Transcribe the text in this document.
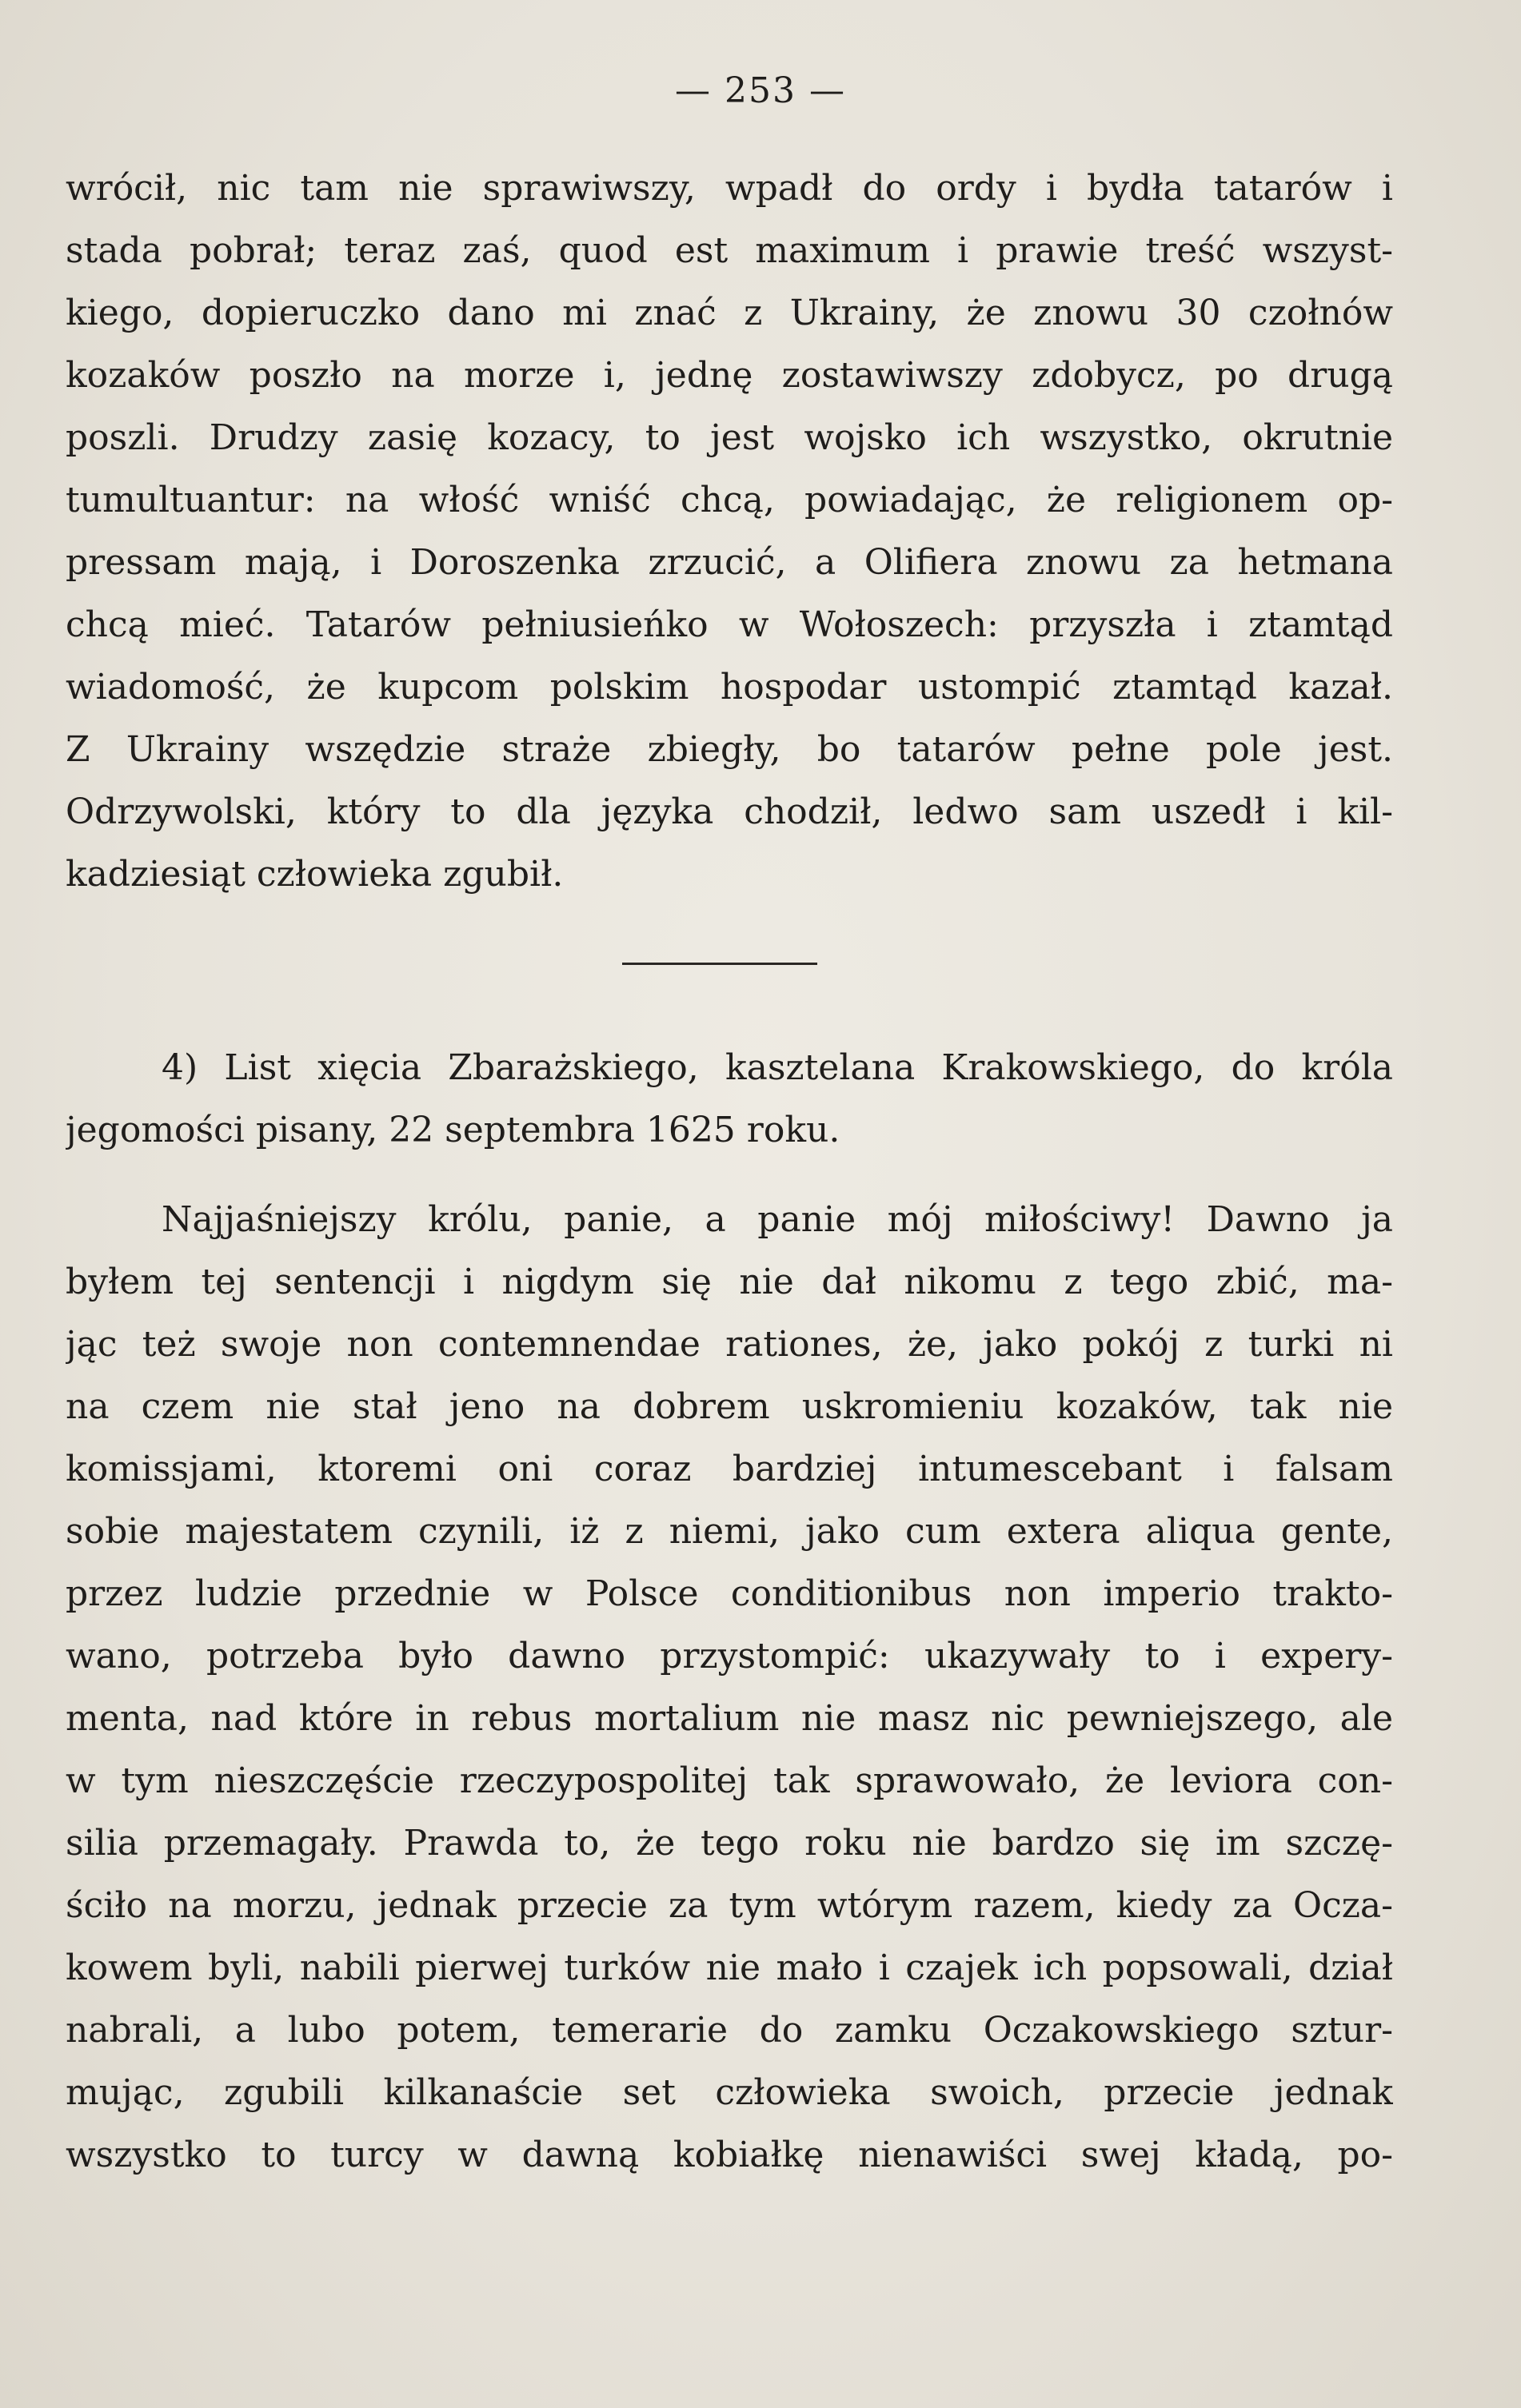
— 253 —
wrócił, nic tam nie sprawiwszy, wpadł do ordy i bydła tatarów i
stada pobrał; teraz zaś, quod est maximum i prawie treść wszyst-
kiego, dopieruczko dano mi znać z Ukrainy, że znowu 30 czołnów
kozaków poszło na morze i, jednę zostawiwszy zdobycz, po drugą
poszli. Drudzy zasię kozacy, to jest wojsko ich wszystko, okrutnie
tumultuantur: na włość wniść chcą, powiadając, że religionem op-
pressam mają, i Doroszenka zrzucić, a Olifiera znowu za hetmana
chcą mieć. Tatarów pełniusieńko w Wołoszech: przyszła i ztamtąd
wiadomość, że kupcom polskim hospodar ustompić ztamtąd kazał.
Z Ukrainy wszędzie straże zbiegły, bo tatarów pełne pole jest.
Odrzywolski, który to dla języka chodził, ledwo sam uszedł i kil-
kadziesiąt człowieka zgubił.
4) List xięcia Zbarażskiego, kasztelana Krakowskiego, do króla
jegomości pisany, 22 septembra 1625 roku.
Najjaśniejszy królu, panie, a panie mój miłościwy! Dawno ja
byłem tej sentencji i nigdym się nie dał nikomu z tego zbić, ma-
jąc też swoje non contemnendae rationes, że, jako pokój z turki ni
na czem nie stał jeno na dobrem uskromieniu kozaków, tak nie
komissjami, ktoremi oni coraz bardziej intumescebant i falsam
sobie majestatem czynili, iż z niemi, jako cum extera aliqua gente,
przez ludzie przednie w Polsce conditionibus non imperio trakto-
wano, potrzeba było dawno przystompić: ukazywały to i expery-
menta, nad które in rebus mortalium nie masz nic pewniejszego, ale
w tym nieszczęście rzeczypospolitej tak sprawowało, że leviora con-
silia przemagały. Prawda to, że tego roku nie bardzo się im szczę-
ściło na morzu, jednak przecie za tym wtórym razem, kiedy za Ocza-
kowem byli, nabili pierwej turków nie mało i czajek ich popsowali, dział
nabrali, a lubo potem, temerarie do zamku Oczakowskiego sztur-
mując, zgubili kilkanaście set człowieka swoich, przecie jednak
wszystko to turcy w dawną kobiałkę nienawiści swej kładą, po-
